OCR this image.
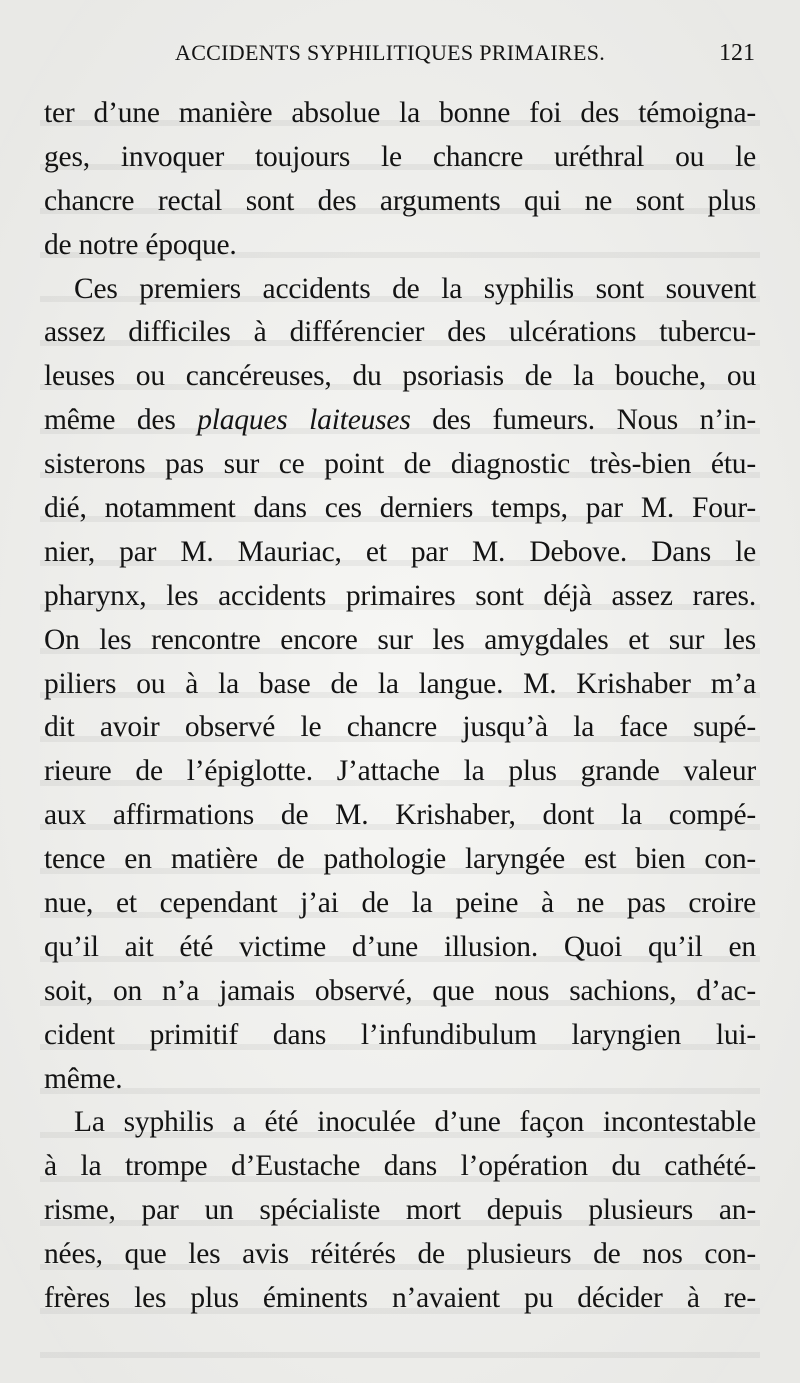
ACCIDENTS SYPHILITIQUES PRIMAIRES.	121
ter d’une manière absolue la bonne foi des témoigna-
ges, invoquer toujours le chancre uréthral ou le
chancre rectal sont des arguments qui ne sont plus
de notre époque.
Ces premiers accidents de la syphilis sont souvent
assez difficiles à différencier des ulcérations tubercu-
leuses ou cancéreuses, du psoriasis de la bouche, ou
même des plaques laiteuses des fumeurs. Nous n’in-
sisterons pas sur ce point de diagnostic très-bien étu-
dié, notamment dans ces derniers temps, par M. Four-
nier, par M. Mauriac, et par M. Debove. Dans le
pharynx, les accidents primaires sont déjà assez rares.
On les rencontre encore sur les amygdales et sur les
piliers ou à la base de la langue. M. Krishaber m’a
dit avoir observé le chancre jusqu’à la face supé-
rieure de l’épiglotte. J’attache la plus grande valeur
aux affirmations de M. Krishaber, dont la compé-
tence en matière de pathologie laryngée est bien con-
nue, et cependant j’ai de la peine à ne pas croire
qu’il ait été victime d’une illusion. Quoi qu’il en
soit, on n’a jamais observé, que nous sachions, d’ac-
cident primitif dans l’infundibulum laryngien lui-
même.
La syphilis a été inoculée d’une façon incontestable
à la trompe d’Eustache dans l’opération du cathété-
risme, par un spécialiste mort depuis plusieurs an-
nées, que les avis réitérés de plusieurs de nos con-
frères les plus éminents n’avaient pu décider à re-
